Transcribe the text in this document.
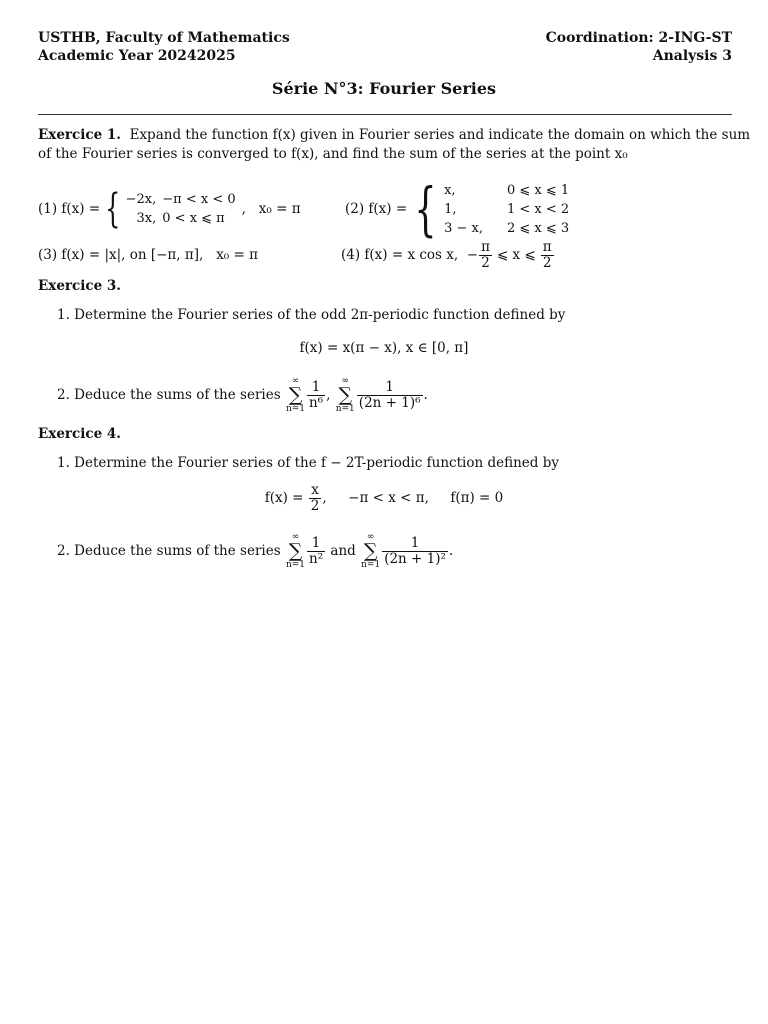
USTHB, Faculty of Mathematics
Academic Year 20242025
Coordination: 2-ING-ST
Analysis 3
Série N°3: Fourier Series
Exercice 1. Expand the function f(x) given in Fourier series and indicate the domain on which the sum
of the Fourier series is converged to f(x), and find the sum of the series at the point x₀
(1) f(x) = { −2x,	−π < x < 0
3x,	0 < x ⩽ π
,   x₀ = π	(2) f(x) = { x,	0 ⩽ x ⩽ 1
1,	1 < x < 2
3 − x,	2 ⩽ x ⩽ 3
(3) f(x) = |x|, on [−π, π],   x₀ = π	(4) f(x) = x cos x,  − $\frac{\pi}{2}$ ⩽ x ⩽ $\frac{\pi}{2}$
Exercice 3.
1. Determine the Fourier series of the odd 2π-periodic function defined by
f(x) = x(π − x), x ∈ [0, π]
2. Deduce the sums of the series

∞
∑
$n=1 \frac{1}{\text{n⁶}}$ ,

∞
∑
$n=1 \frac{1}{\text{(2n + 1)⁶}}$ .
Exercice 4.
1. Determine the Fourier series of the f − 2T-periodic function defined by
f(x) =
$\frac{x}{2}$ ,     −π < x < π,     f(π) = 0
2. Deduce the sums of the series

∞
∑
$n=1 \frac{1}{\text{n²}}$
and

∞
∑
$n=1 \frac{1}{\text{(2n + 1)²}}$ .
